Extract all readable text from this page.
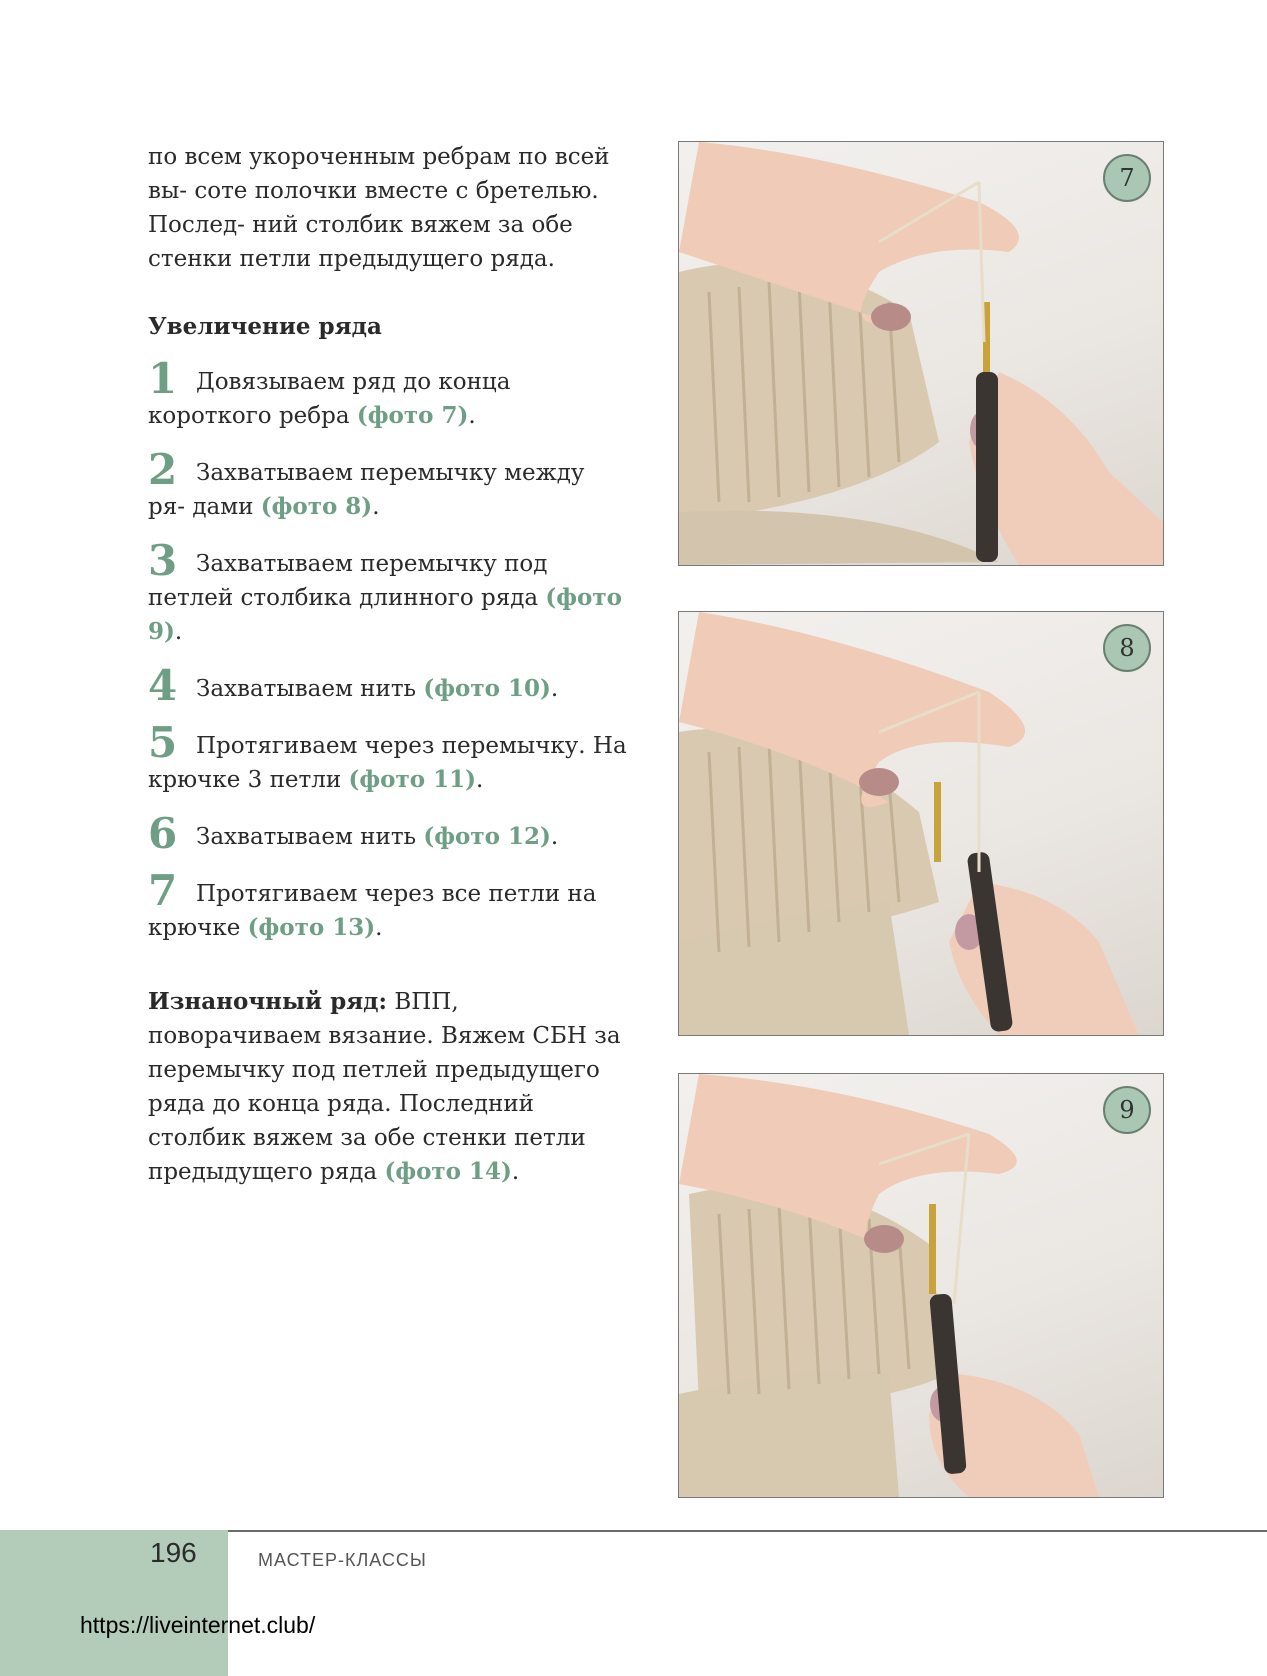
по всем укороченным ребрам по всей вы- соте полочки вместе с бретелью. Послед- ний столбик вяжем за обе стенки петли предыдущего ряда.

Увеличение ряда

1 Довязываем ряд до конца короткого ребра (фото 7).

2 Захватываем перемычку между ря- дами (фото 8).

3 Захватываем перемычку под петлей столбика длинного ряда (фото 9).

4 Захватываем нить (фото 10).

5 Протягиваем через перемычку. На крючке 3 петли (фото 11).

6 Захватываем нить (фото 12).

7 Протягиваем через все петли на крючке (фото 13).

Изнаночный ряд: ВПП, поворачиваем вязание. Вяжем СБН за перемычку под петлей предыдущего ряда до конца ряда. Последний столбик вяжем за обе стенки петли предыдущего ряда (фото 14).

7
8
9
196	МАСТЕР-КЛАССЫ
https://liveinternet.club/
